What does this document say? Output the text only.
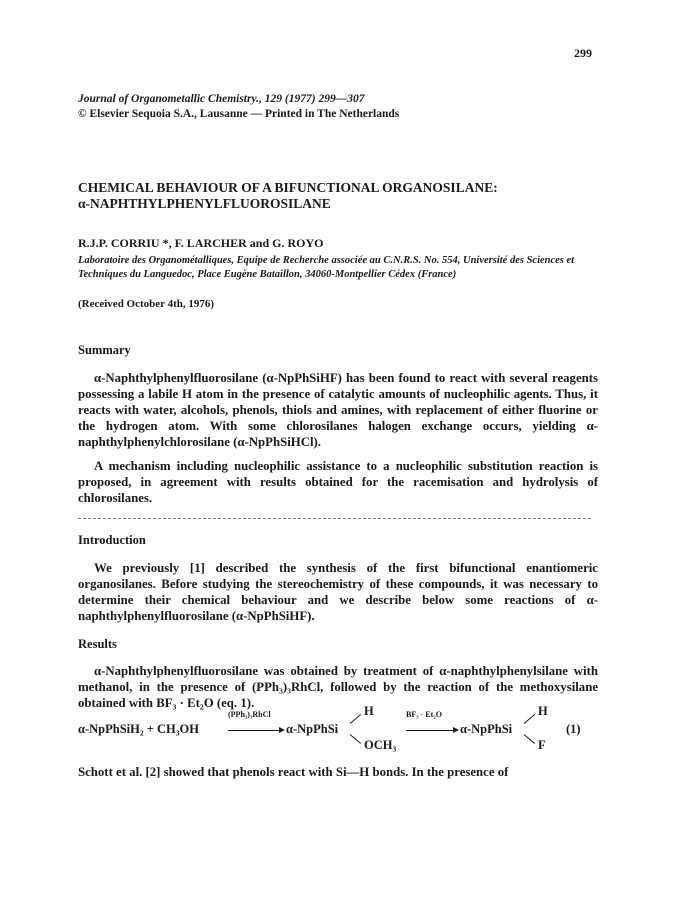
299
Journal of Organometallic Chemistry., 129 (1977) 299—307
© Elsevier Sequoia S.A., Lausanne — Printed in The Netherlands
CHEMICAL BEHAVIOUR OF A BIFUNCTIONAL ORGANOSILANE:
α-NAPHTHYLPHENYLFLUOROSILANE
R.J.P. CORRIU *, F. LARCHER and G. ROYO
Laboratoire des Organométalliques, Equipe de Recherche associée au C.N.R.S. No. 554, Université des Sciences et Techniques du Languedoc, Place Eugène Bataillon, 34060-Montpellier Cédex (France)
(Received October 4th, 1976)
Summary
α-Naphthylphenylfluorosilane (α-NpPhSiHF) has been found to react with several reagents possessing a labile H atom in the presence of catalytic amounts of nucleophilic agents. Thus, it reacts with water, alcohols, phenols, thiols and amines, with replacement of either fluorine or the hydrogen atom. With some chlorosilanes halogen exchange occurs, yielding α-naphthylphenylchlorosilane (α-NpPhSiHCl).
A mechanism including nucleophilic assistance to a nucleophilic substitution reaction is proposed, in agreement with results obtained for the racemisation and hydrolysis of chlorosilanes.
Introduction
We previously [1] described the synthesis of the first bifunctional enantiomeric organosilanes. Before studying the stereochemistry of these compounds, it was necessary to determine their chemical behaviour and we describe below some reactions of α-naphthylphenylfluorosilane (α-NpPhSiHF).
Results
α-Naphthylphenylfluorosilane was obtained by treatment of α-naphthylphenylsilane with methanol, in the presence of (PPh₃)₃RhCl, followed by the reaction of the methoxysilane obtained with BF₃ · Et₂O (eq. 1).
α-NpPhSiH₂ + CH₃OH
(PPh₃)₃RhCl
α-NpPhSi
H
OCH₃
BF₃ · Et₂O
α-NpPhSi
H
F
(1)
Schott et al. [2] showed that phenols react with Si—H bonds. In the presence of
